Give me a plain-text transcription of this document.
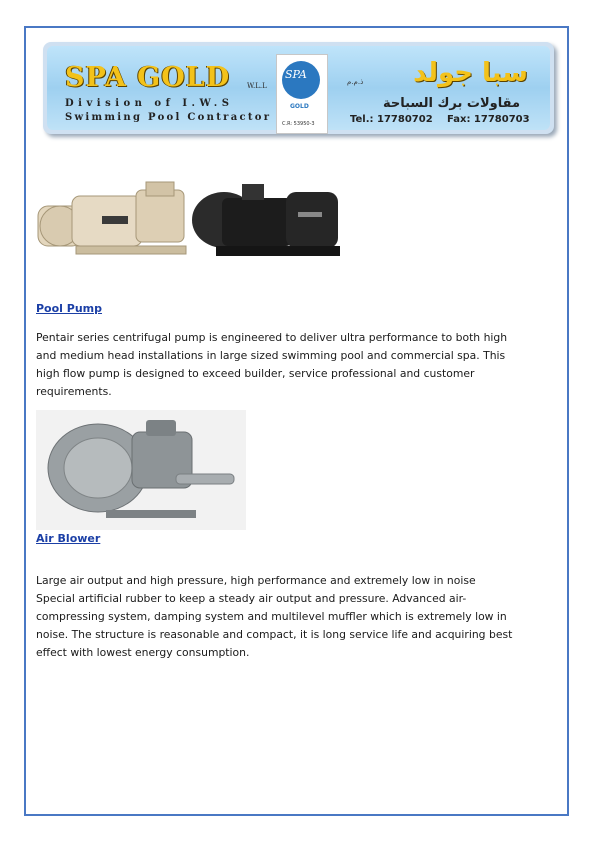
SPA GOLD W.L.L
Division of I.W.S
Swimming Pool Contractor
SPA
GOLD
C.R: 53950-3
ذ.م.م سبا جولد
مقاولات برك السباحة
Tel.: 17780702 Fax: 17780703
Pool Pump

Pentair series centrifugal pump is engineered to deliver ultra performance to both high
and medium head installations in large sized swimming pool and commercial spa. This
high flow pump is designed to exceed builder, service professional and customer
requirements.

Air Blower

Large air output and high pressure, high performance and extremely low in noise
Special artificial rubber to keep a steady air output and pressure. Advanced air-
compressing system, damping system and multilevel muffler which is extremely low in
noise. The structure is reasonable and compact, it is long service life and acquiring best
effect with lowest energy consumption.
